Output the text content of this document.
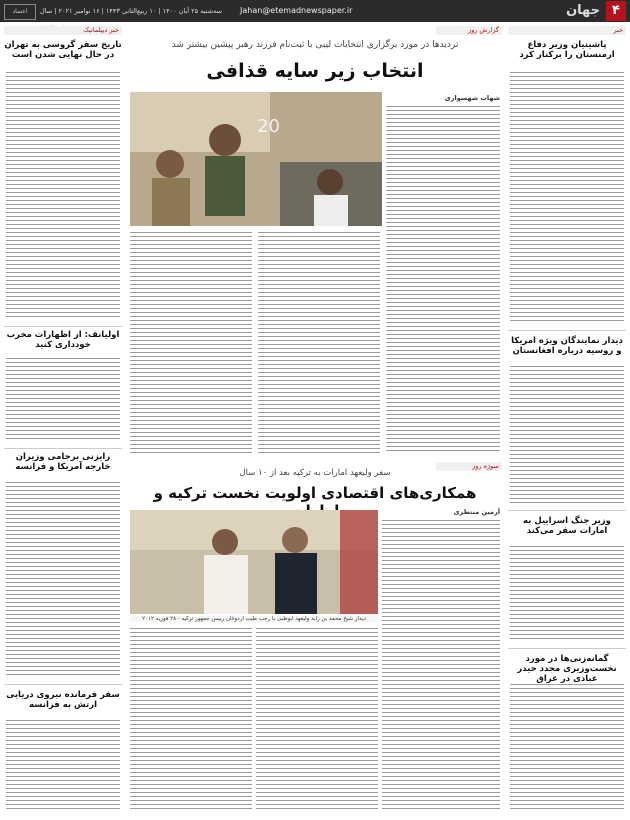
۴
جهان
Jahan@etemadnewspaper.ir
سه‌شنبه ۲۵ آبان ۱۴۰۰ | ۱۰ ربیع‌الثانی ۱۴۴۳ | ۱۶ نوامبر ۲۰۲۱ | سال
اعتماد
خبر
پاشینیان وزیر دفاع ارمنستان را برکنار کرد
دیدار نمایندگان ویژه امریکا و روسیه درباره افغانستان
وزیر جنگ اسراییل به امارات سفر می‌کند
گمانه‌زنی‌ها در مورد نخست‌وزیری مجدد حیدر عبادی در عراق
خبر دیپلماتیک
تاریخ سفر گروسی به تهران در حال نهایی شدن است
اولیانف: از اظهارات مخرب خودداری کنید
رایزنی برجامی وزیران خارجه آمریکا و فرانسه
سفر فرمانده نیروی دریایی ارتش به فرانسه
گزارش روز
تردیدها در مورد برگزاری انتخابات لیبی با ثبت‌نام فرزند رهبر پیشین بیشتر شد
انتخاب زیر سایه قذافی
شهاب شهسواری
20
سوژه روز
سفر ولیعهد امارات به ترکیه بعد از ۱۰ سال
همکاری‌های اقتصادی اولویت نخست ترکیه و
آرمین منتظری
دیدار شیخ محمد بن زاید ولیعهد ابوظبی با رجب طیب اردوغان رییس جمهور ترکیه - ۲۸ فوریه ۲۰۱۲
